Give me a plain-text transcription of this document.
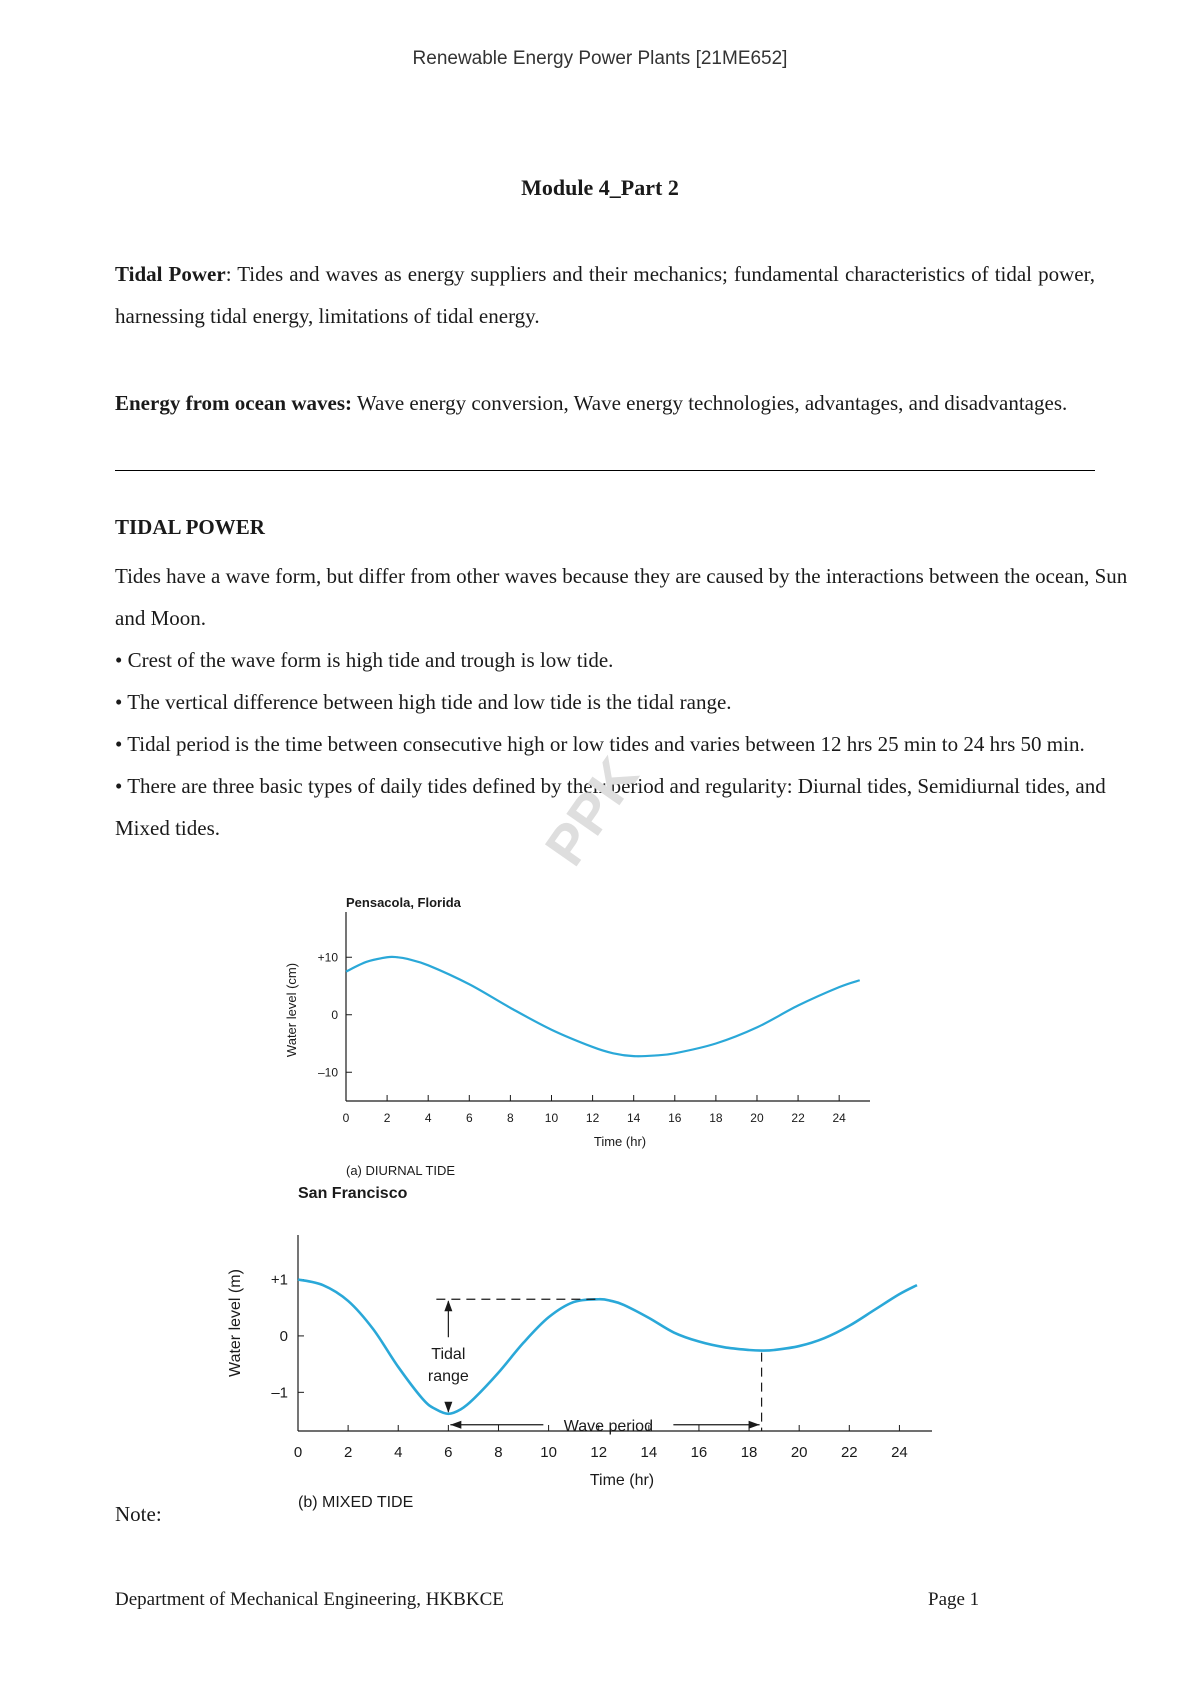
Renewable Energy Power Plants [21ME652]
Module 4_Part 2
Tidal Power: Tides and waves as energy suppliers and their mechanics; fundamental characteristics of tidal power, harnessing tidal energy, limitations of tidal energy.
Energy from ocean waves: Wave energy conversion, Wave energy technologies, advantages, and disadvantages.
TIDAL POWER

Tides have a wave form, but differ from other waves because they are caused by the interactions between the ocean, Sun and Moon.

• Crest of the wave form is high tide and trough is low tide.

• The vertical difference between high tide and low tide is the tidal range.

• Tidal period is the time between consecutive high or low tides and varies between 12 hrs 25 min to 24 hrs 50 min.

• There are three basic types of daily tides defined by their period and regularity: Diurnal tides, Semidiurnal tides, and Mixed tides.	PPK
0	2	4	6	8	10 12 14 16 18 20 22 24
+10
0
–10
Pensacola, Florida
(a) DIURNAL TIDE
Time (hr)
Water level (cm)
0	2	4	6	8	10 12 14 16 18 20 22 24
+1
0
–1
San Francisco
(b) MIXED TIDE
Time (hr)
Water level (m)	Tidal
range
Wave period
Note:
Department of Mechanical Engineering, HKBKCE	Page 1
